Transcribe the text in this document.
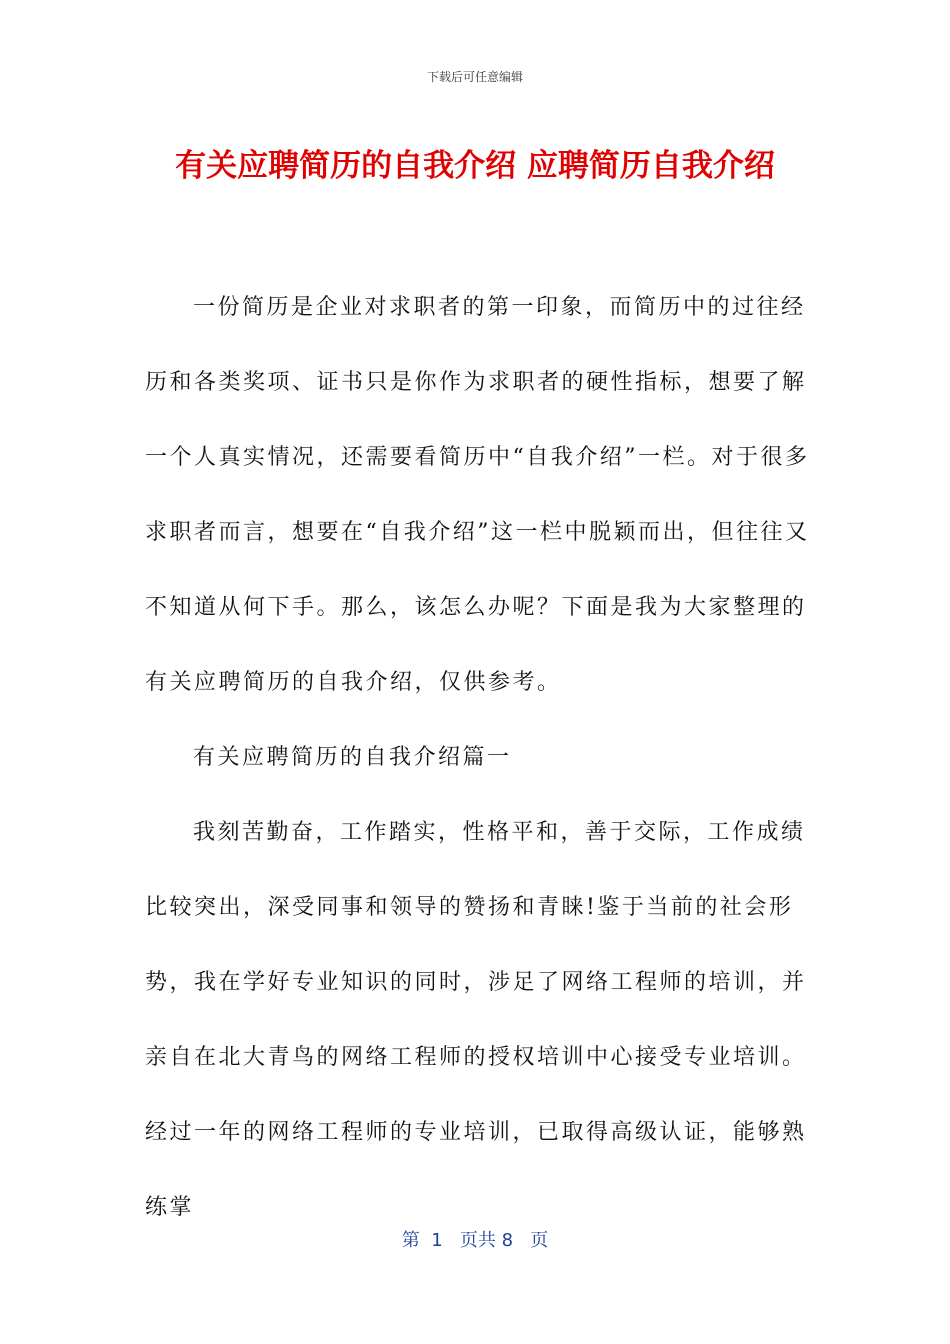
下载后可任意编辑
有关应聘简历的自我介绍 应聘简历自我介绍

一份简历是企业对求职者的第一印象，而简历中的过往经历和各类奖项、证书只是你作为求职者的硬性指标，想要了解一个人真实情况，还需要看简历中“自我介绍”一栏。对于很多求职者而言，想要在“自我介绍”这一栏中脱颖而出，但往往又不知道从何下手。那么，该怎么办呢？下面是我为大家整理的有关应聘简历的自我介绍，仅供参考。

有关应聘简历的自我介绍篇一

我刻苦勤奋，工作踏实，性格平和，善于交际，工作成绩比较突出，深受同事和领导的赞扬和青睐!鉴于当前的社会形势，我在学好专业知识的同时，涉足了网络工程师的培训，并亲自在北大青鸟的网络工程师的授权培训中心接受专业培训。经过一年的网络工程师的专业培训，已取得高级认证，能够熟练掌

第  1   页共 8   页
